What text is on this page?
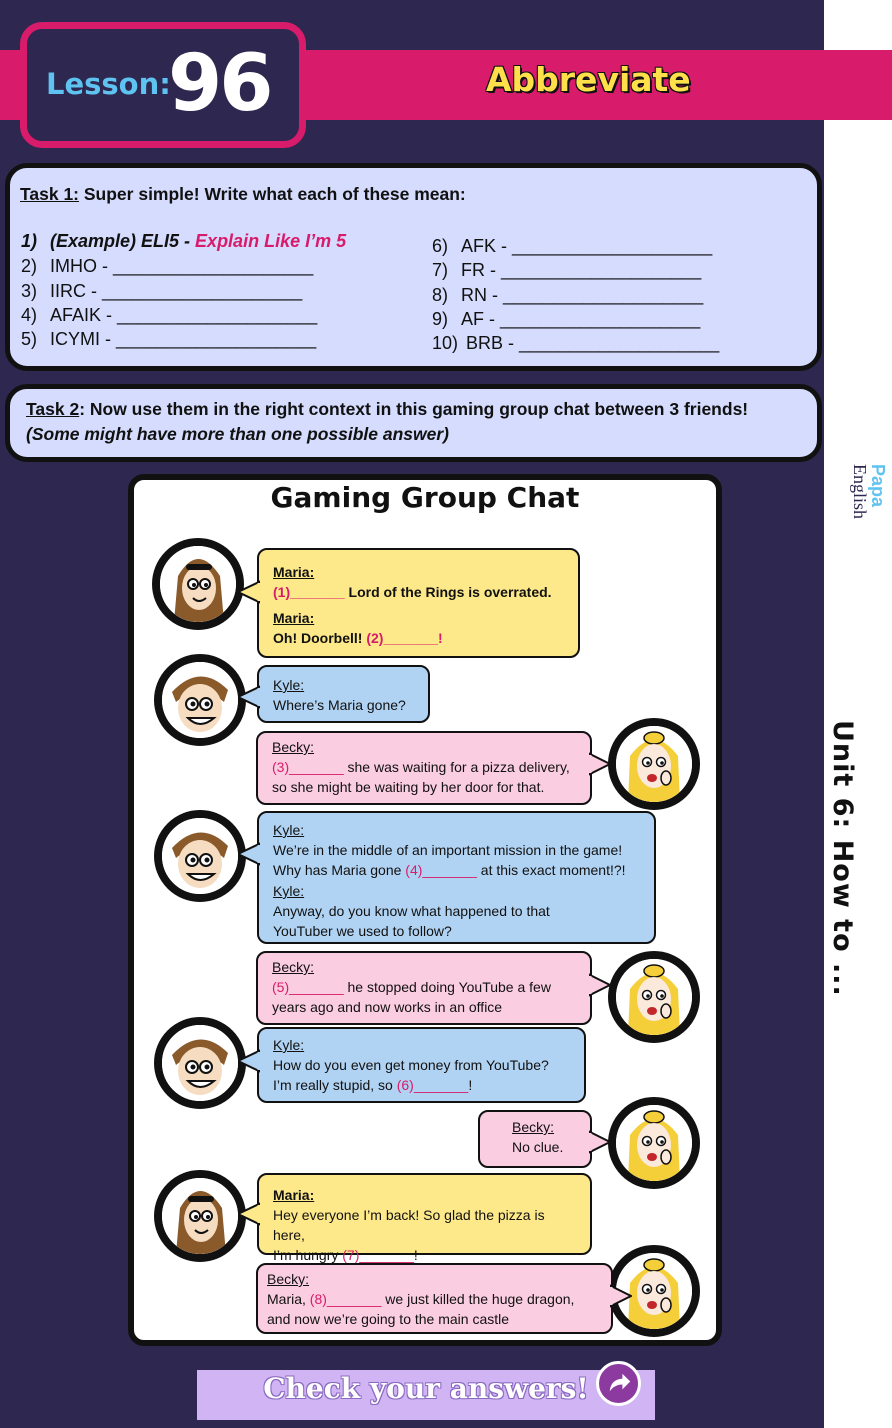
Papa
English
Unit 6: How to ...
Lesson:
96	Abbreviate
Task 1: Super simple! Write what each of these mean:
1) (Example) ELI5 - Explain Like I’m 5
2) IMHO - ____________________
3) IIRC - ____________________
4) AFAIK - ____________________
5) ICYMI - ____________________
6) AFK - ____________________
7) FR - ____________________
8) RN - ____________________
9) AF - ____________________
10) BRB - ____________________
Task 2: Now use them in the right context in this gaming group chat between 3 friends!
(Some might have more than one possible answer)
Gaming Group Chat
Maria:
(1)_______ Lord of the Rings is overrated.
Maria:
Oh! Doorbell! (2)_______!
Kyle:
Where’s Maria gone?
Becky:
(3)_______ she was waiting for a pizza delivery,
so she might be waiting by her door for that.
Kyle:
We’re in the middle of an important mission in the game!
Why has Maria gone (4)_______ at this exact moment!?!
Kyle:
Anyway, do you know what happened to that
YouTuber we used to follow?
Becky:
(5)_______ he stopped doing YouTube a few
years ago and now works in an office
Kyle:
How do you even get money from YouTube?
I’m really stupid, so (6)_______!
Becky:
No clue.
Maria:
Hey everyone I’m back! So glad the pizza is here,
I’m hungry (7)_______!
Becky:
Maria, (8)_______ we just killed the huge dragon,
and now we’re going to the main castle
Check your answers!
